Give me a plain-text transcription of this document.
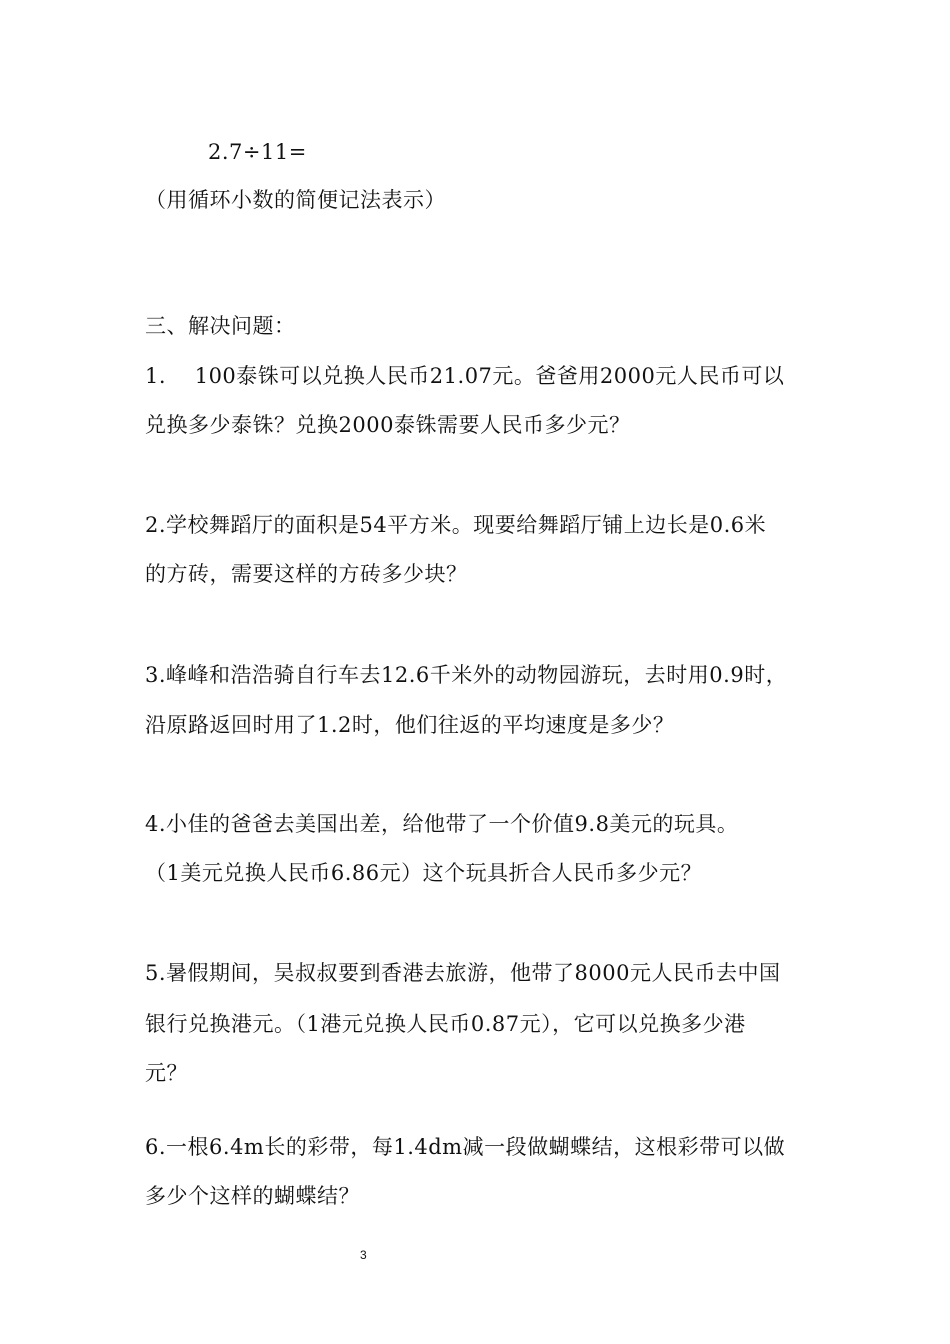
2.7÷11=
（用循环小数的简便记法表示）
三、解决问题：
1.　 100泰铢可以兑换人民币21.07元。爸爸用2000元人民币可以
兑换多少泰铢？兑换2000泰铢需要人民币多少元？
2.学校舞蹈厅的面积是54平方米。现要给舞蹈厅铺上边长是0.6米
的方砖，需要这样的方砖多少块？
3.峰峰和浩浩骑自行车去12.6千米外的动物园游玩，去时用0.9时，
沿原路返回时用了1.2时，他们往返的平均速度是多少？
4.小佳的爸爸去美国出差，给他带了一个价值9.8美元的玩具。
（1美元兑换人民币6.86元）这个玩具折合人民币多少元？
5.暑假期间，吴叔叔要到香港去旅游，他带了8000元人民币去中国
银行兑换港元。（1港元兑换人民币0.87元），它可以兑换多少港
元？
6.一根6.4m长的彩带，每1.4dm减一段做蝴蝶结，这根彩带可以做
多少个这样的蝴蝶结？
3
